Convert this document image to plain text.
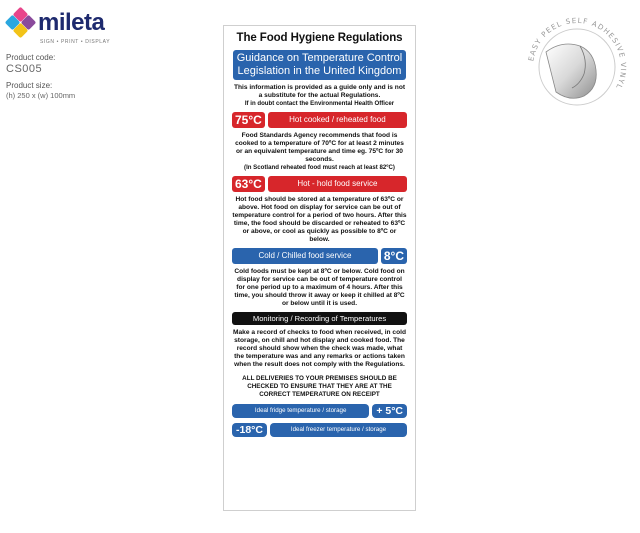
mileta
SIGN • PRINT • DISPLAY
Product code:
CS005
Product size:
(h) 250 x (w) 100mm
EASY PEEL SELF ADHESIVE VINYL
The Food Hygiene Regulations
Guidance on Temperature Control Legislation in the United Kingdom
This information is provided as a guide only and is not a substitute for the actual Regulations.
If in doubt contact the Environmental Health Officer
75°C	Hot cooked / reheated food
Food Standards Agency recommends that food is cooked to a temperature of 70ºC for at least 2 minutes or an equivalent temperature and time eg. 75ºC for 30 seconds.
(In Scotland reheated food must reach at least 82ºC)
63°C	Hot - hold food service
Hot food should be stored at a temperature of 63ºC or above. Hot food on display for service can be out of temperature control for a period of two hours. After this time, the food should be discarded or reheated to 63ºC or above, or cool as quickly as possible to 8ºC or below.
Cold / Chilled food service	8°C
Cold foods must be kept at 8ºC or below. Cold food on display for service can be out of temperature control for one period up to a maximum of 4 hours. After this time, you should throw it away or keep it chilled at 8ºC or below until it is used.
Monitoring / Recording of Temperatures
Make a record of checks to food when received, in cold storage, on chill and hot display and cooked food. The record should show when the check was made, what the temperature was and any remarks or actions taken when the result does not comply with the Regulations.
ALL DELIVERIES TO YOUR PREMISES SHOULD BE CHECKED TO ENSURE THAT THEY ARE AT THE CORRECT TEMPERATURE ON RECEIPT
Ideal fridge temperature / storage	+ 5°C
-18°C	Ideal freezer temperature / storage
